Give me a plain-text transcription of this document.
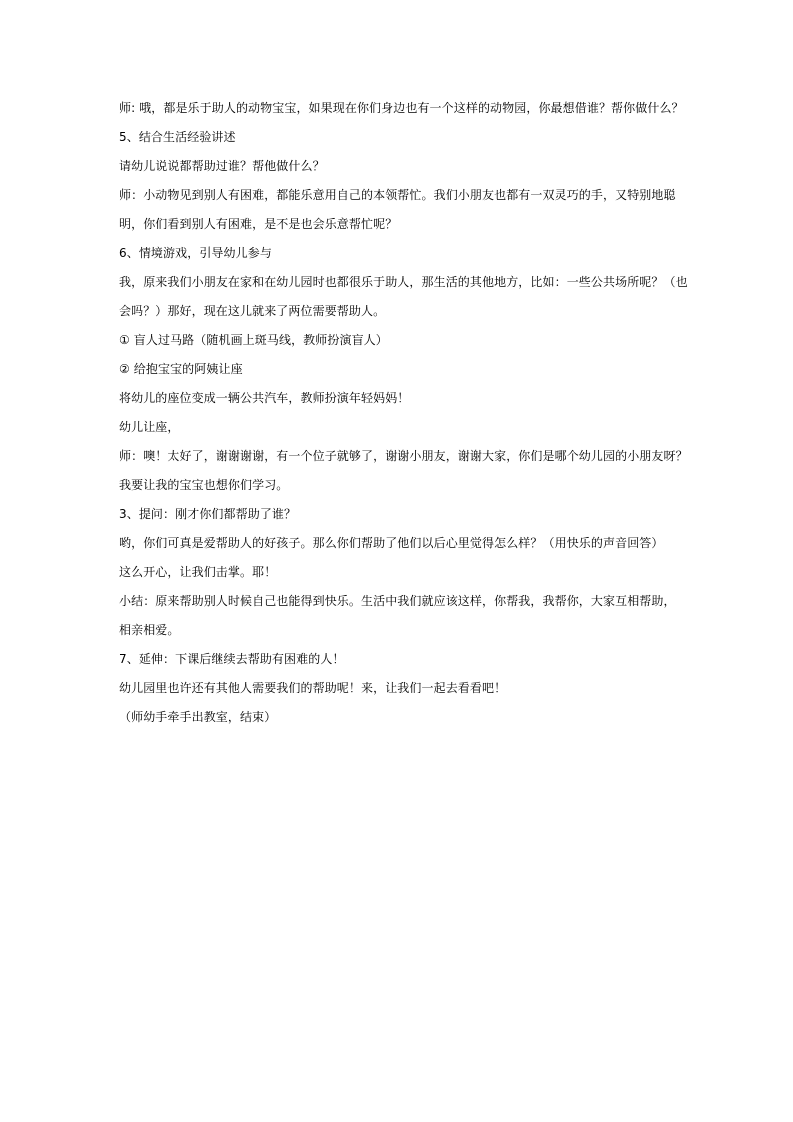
师: 哦，都是乐于助人的动物宝宝，如果现在你们身边也有一个这样的动物园，你最想借谁？帮你做什么？
5、结合生活经验讲述
请幼儿说说都帮助过谁？帮他做什么？
师：小动物见到别人有困难，都能乐意用自己的本领帮忙。我们小朋友也都有一双灵巧的手，又特别地聪
明，你们看到别人有困难，是不是也会乐意帮忙呢？
6、情境游戏，引导幼儿参与
我，原来我们小朋友在家和在幼儿园时也都很乐于助人，那生活的其他地方，比如：一些公共场所呢？（也
会吗？）那好，现在这儿就来了两位需要帮助人。
① 盲人过马路（随机画上斑马线，教师扮演盲人）
② 给抱宝宝的阿姨让座
将幼儿的座位变成一辆公共汽车，教师扮演年轻妈妈！
幼儿让座，
师：噢！太好了，谢谢谢谢，有一个位子就够了，谢谢小朋友，谢谢大家，你们是哪个幼儿园的小朋友呀？
我要让我的宝宝也想你们学习。
3、提问：刚才你们都帮助了谁？
哟，你们可真是爱帮助人的好孩子。那么你们帮助了他们以后心里觉得怎么样？（用快乐的声音回答）
这么开心，让我们击掌。耶！
小结：原来帮助别人时候自己也能得到快乐。生活中我们就应该这样，你帮我，我帮你，大家互相帮助，
相亲相爱。
7、延伸：下课后继续去帮助有困难的人！
幼儿园里也许还有其他人需要我们的帮助呢！来，让我们一起去看看吧！
（师幼手牵手出教室，结束）
